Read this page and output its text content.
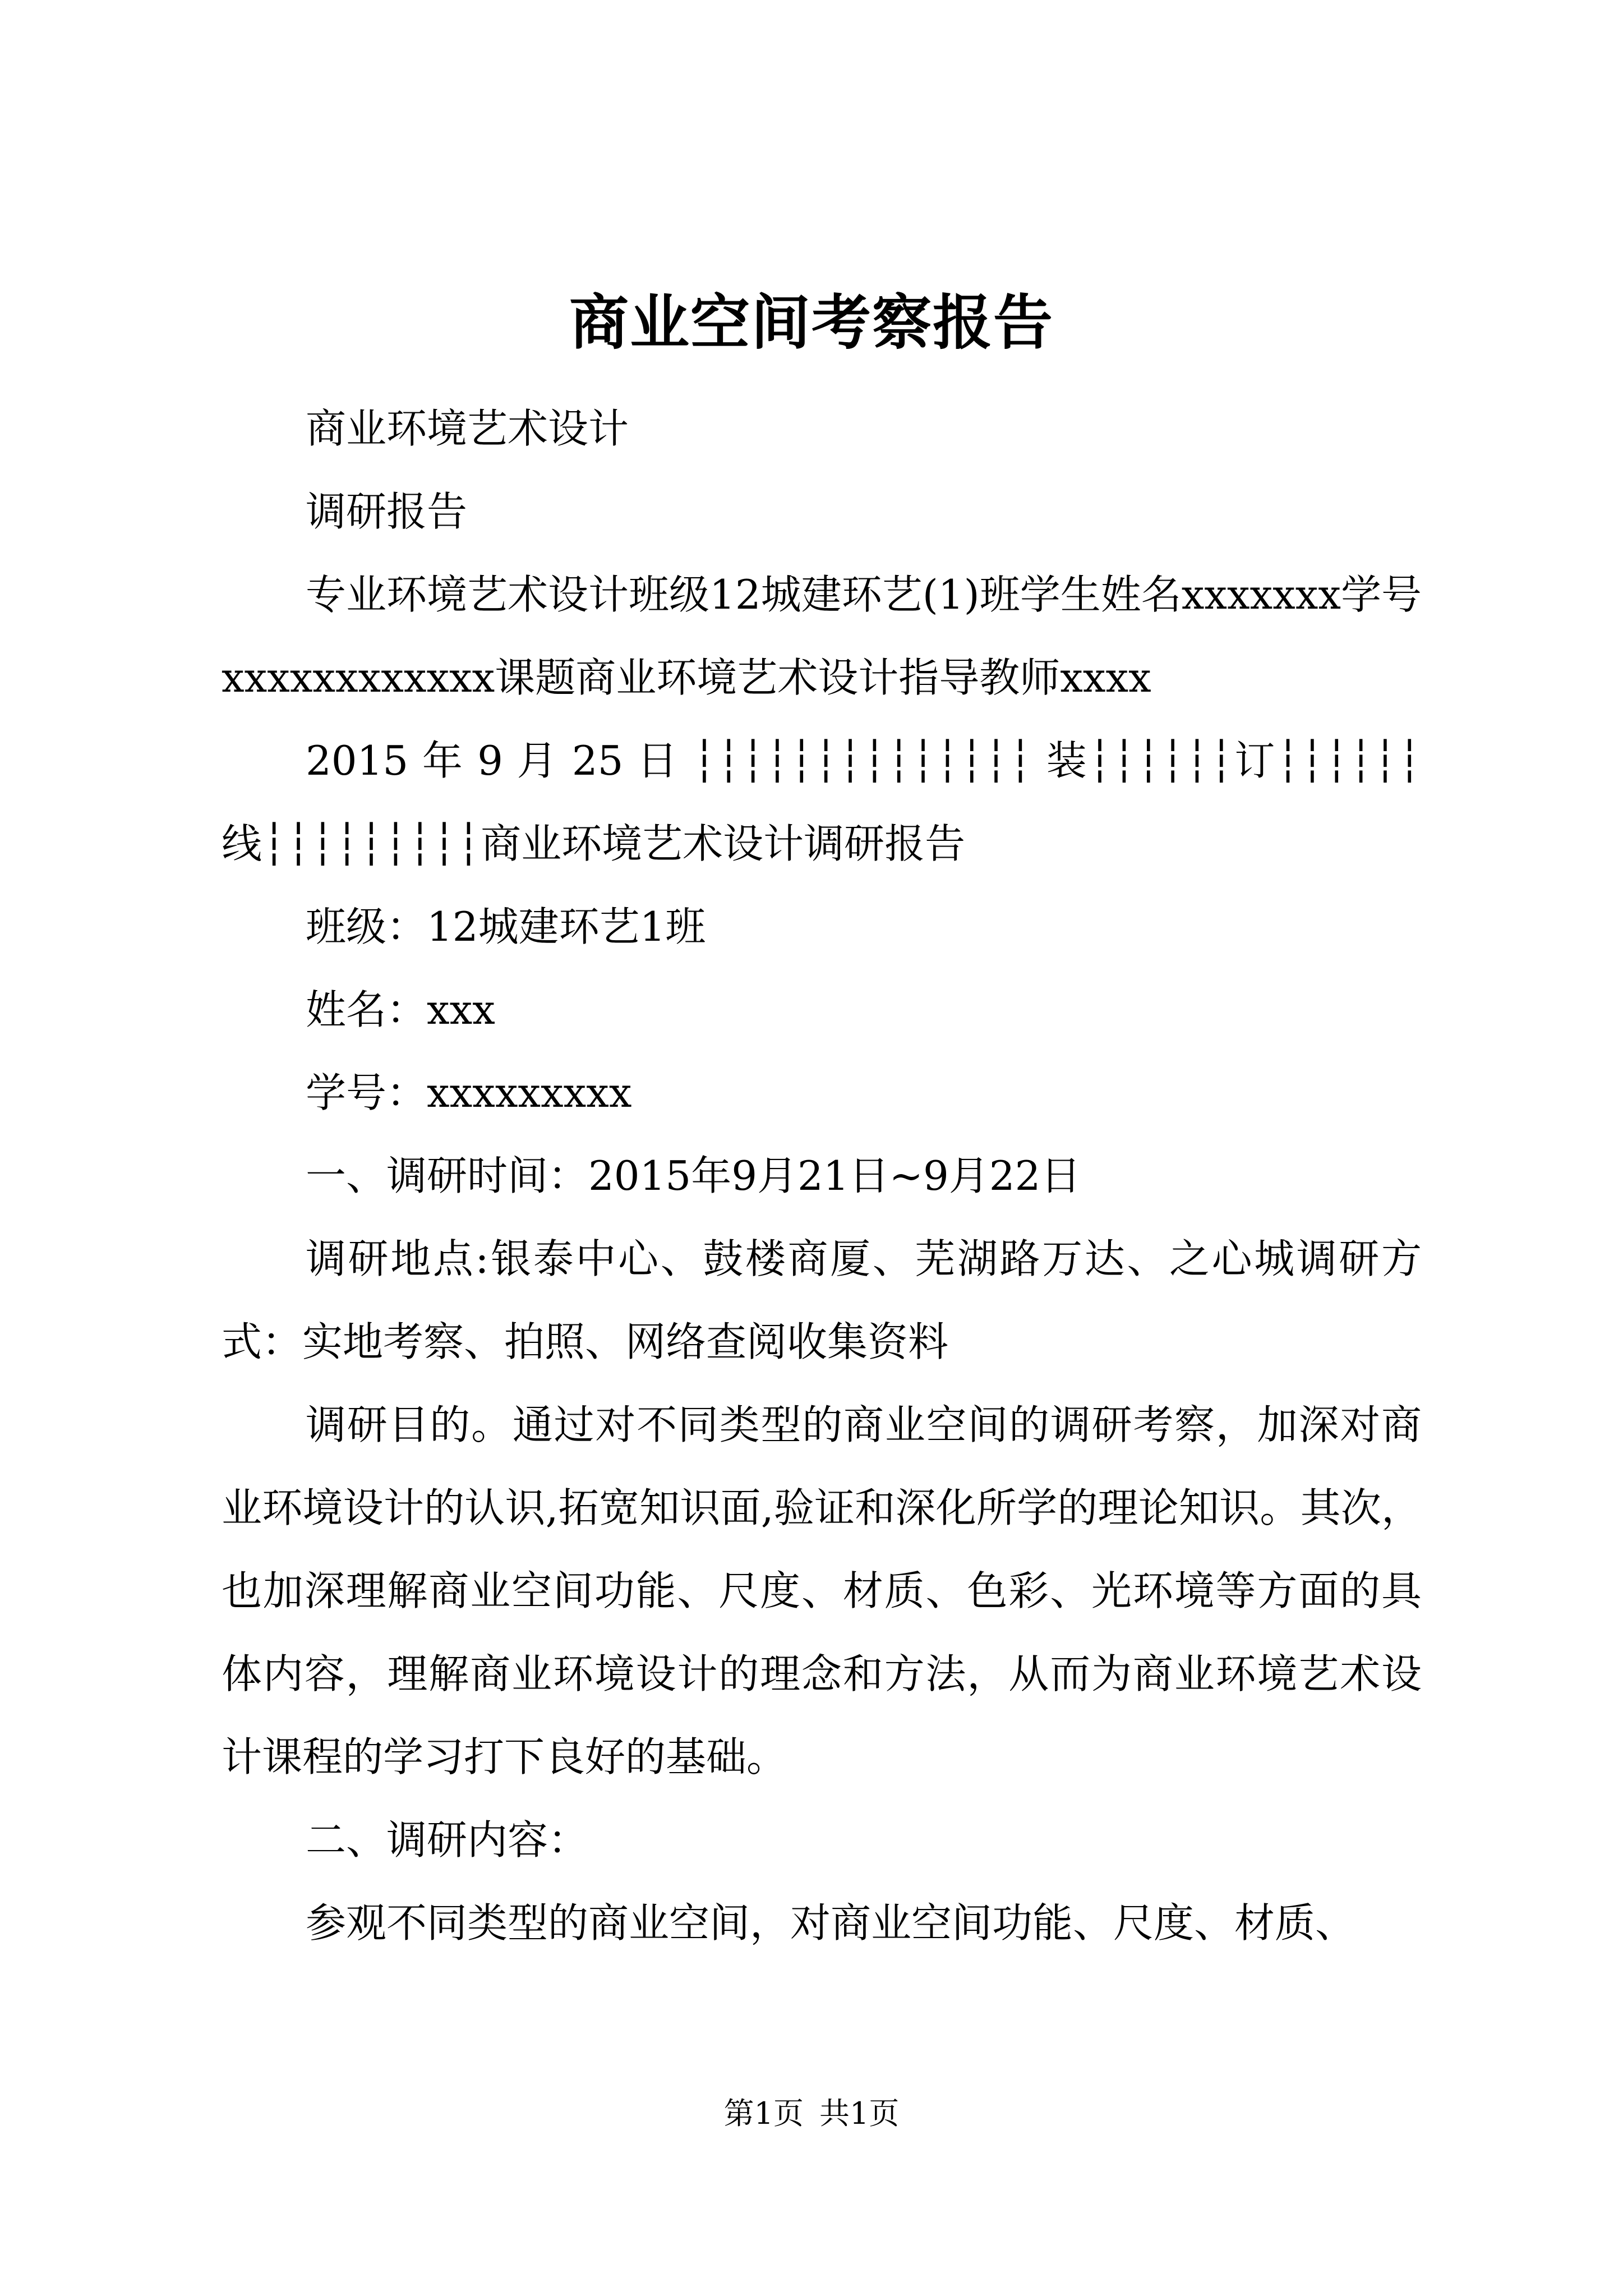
商业空间考察报告

商业环境艺术设计

调研报告

专业环境艺术设计班级12城建环艺(1)班学生姓名xxxxxxx学号xxxxxxxxxxxx课题商业环境艺术设计指导教师xxxx

2015 年 9 月 25 日 ┆┆┆┆┆┆┆┆┆┆┆┆┆┆ 装┆┆┆┆┆┆订┆┆┆┆┆┆线┆┆┆┆┆┆┆┆┆商业环境艺术设计调研报告

班级：12城建环艺1班

姓名：xxx

学号：xxxxxxxxx

一、调研时间：2015年9月21日~9月22日

调研地点:银泰中心、鼓楼商厦、芜湖路万达、之心城调研方式：实地考察、拍照、网络查阅收集资料

调研目的。通过对不同类型的商业空间的调研考察，加深对商业环境设计的认识,拓宽知识面,验证和深化所学的理论知识。其次，也加深理解商业空间功能、尺度、材质、色彩、光环境等方面的具体内容，理解商业环境设计的理念和方法，从而为商业环境艺术设计课程的学习打下良好的基础。

二、调研内容：

参观不同类型的商业空间，对商业空间功能、尺度、材质、

第1页 共1页
